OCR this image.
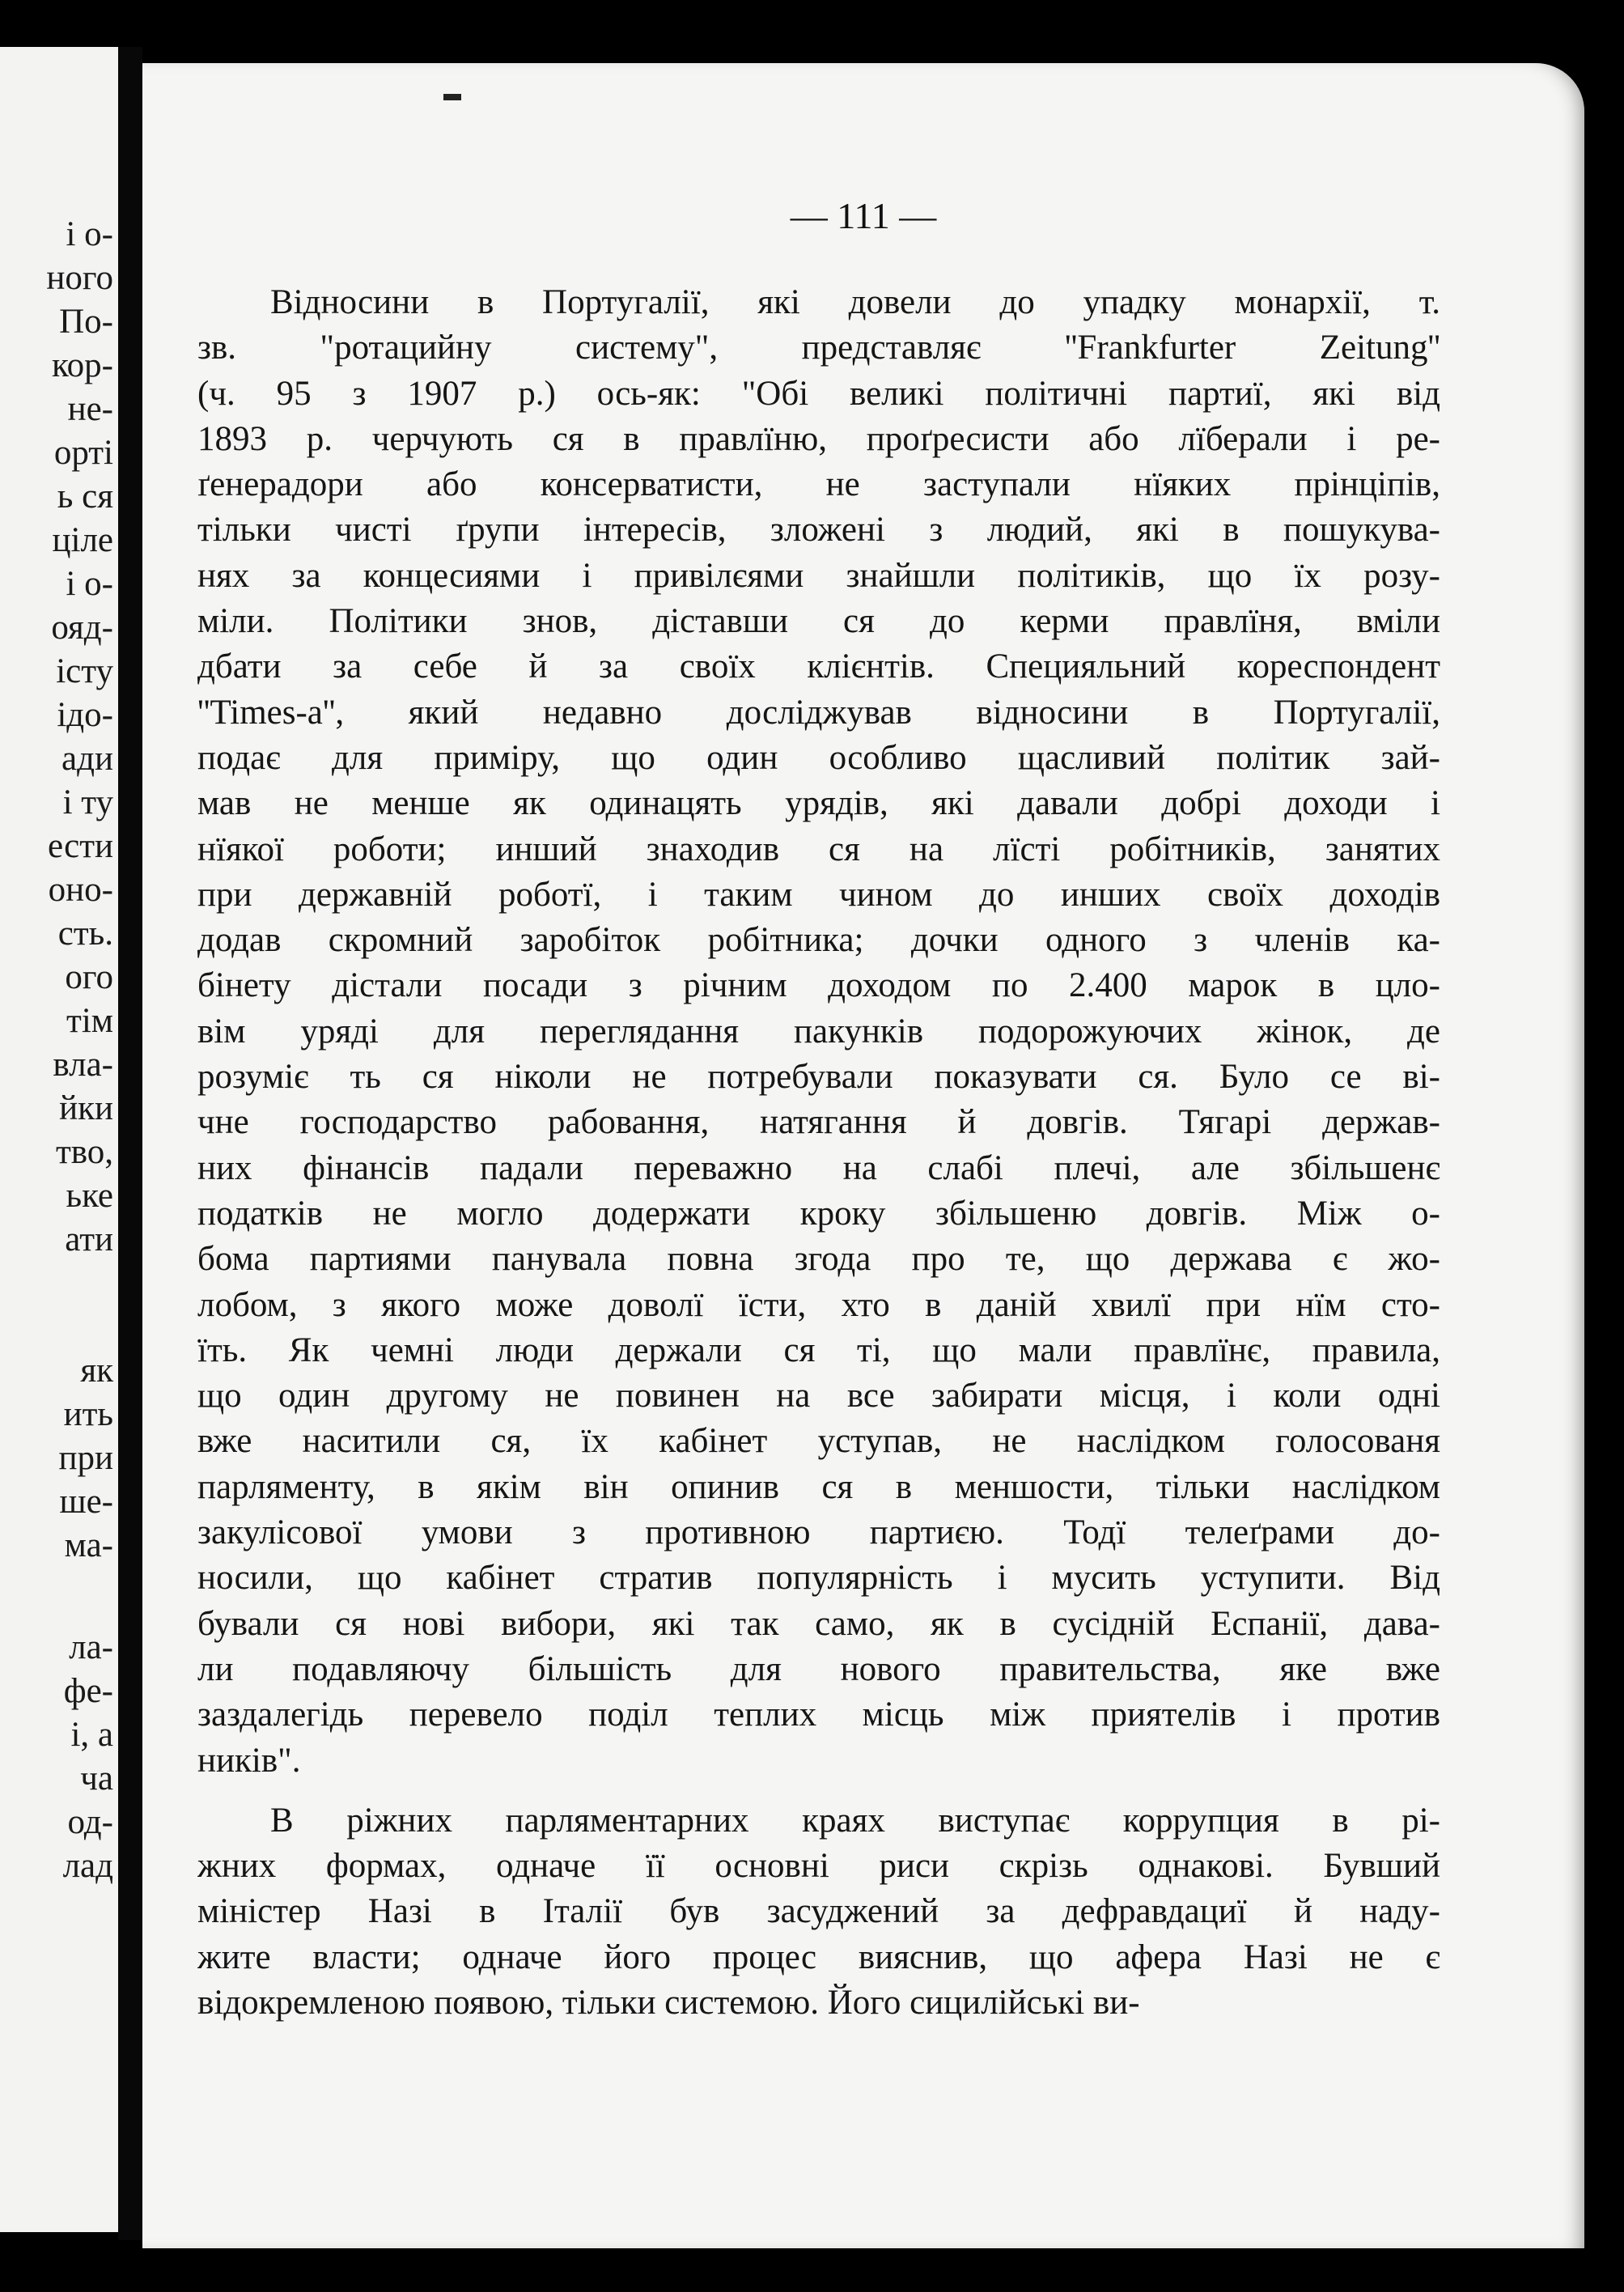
і о-
ного
По-
кор-
не-
орті
ь ся
ціле
і о-
ояд-
істу
ідо-
ади
і ту
ести
оно-
сть.
ого
тім
вла-
йки
тво,
ьке
ати
як
ить
при
ше-
ма-
ла-
фе-
і, а
ча
од-
лад
— 111 —
Відносини в Португалії, які довели до упадку монархії, т.
зв. "ротацийну систему", представляє ''Frankfurter Zeitung''
(ч. 95 з 1907 р.) ось-як: "Обі великі політичні партиї, які від
1893 р. черчують ся в правлїню, проґресисти або лїберали і ре-
ґенерадори або консерватисти, не заступали нїяких прінціпів,
тільки чисті ґрупи інтересів, зложені з людий, які в пошукува-
нях за концесиями і привілєями знайшли політиків, що їх розу-
міли. Політики знов, діставши ся до керми правлїня, вміли
дбати за себе й за своїх клієнтів. Специяльний кореспондент
''Times-a'', який недавно досліджував відносини в Португалії,
подає для приміру, що один особливо щасливий політик зай-
мав не менше як одинацять урядів, які давали добрі доходи і
нїякої роботи; инший знаходив ся на лїсті робітників, занятих
при державній роботї, і таким чином до инших своїх доходів
додав скромний заробіток робітника; дочки одного з членів ка-
бінету дістали посади з річним доходом по 2.400 марок в цло-
вім уряді для переглядання пакунків подорожуючих жінок, де
розуміє ть ся ніколи не потребували показувати ся. Було се ві-
чне господарство рабовання, натягання й довгів. Тягарі держав-
них фінансів падали переважно на слабі плечі, але збільшенє
податків не могло додержати кроку збільшеню довгів. Між о-
бома партиями панувала повна згода про те, що держава є жо-
лобом, з якого може доволї їсти, хто в даній хвилї при нїм сто-
їть. Як чемні люди держали ся ті, що мали правлїнє, правила,
що один другому не повинен на все забирати місця, і коли одні
вже наситили ся, їх кабінет уступав, не наслідком голосованя
парляменту, в якім він опинив ся в меншости, тільки наслідком
закулісової умови з противною партиєю. Тодї телеґрами до-
носили, що кабінет стратив популярність і мусить уступити. Від
бували ся нові вибори, які так само, як в сусідній Еспанії, дава-
ли подавляючу більшість для нового правительства, яке вже
заздалегідь перевело поділ теплих місць між приятелів і против
ників".
В ріжних парляментарних краях виступає коррупция в рі-
жних формах, одначе її основні риси скрізь однакові. Бувший
міністер Назі в Італії був засуджений за дефравдациї й наду-
жите власти; одначе його процес вияснив, що афера Назі не є
відокремленою появою, тільки системою. Його сицилійські ви-
